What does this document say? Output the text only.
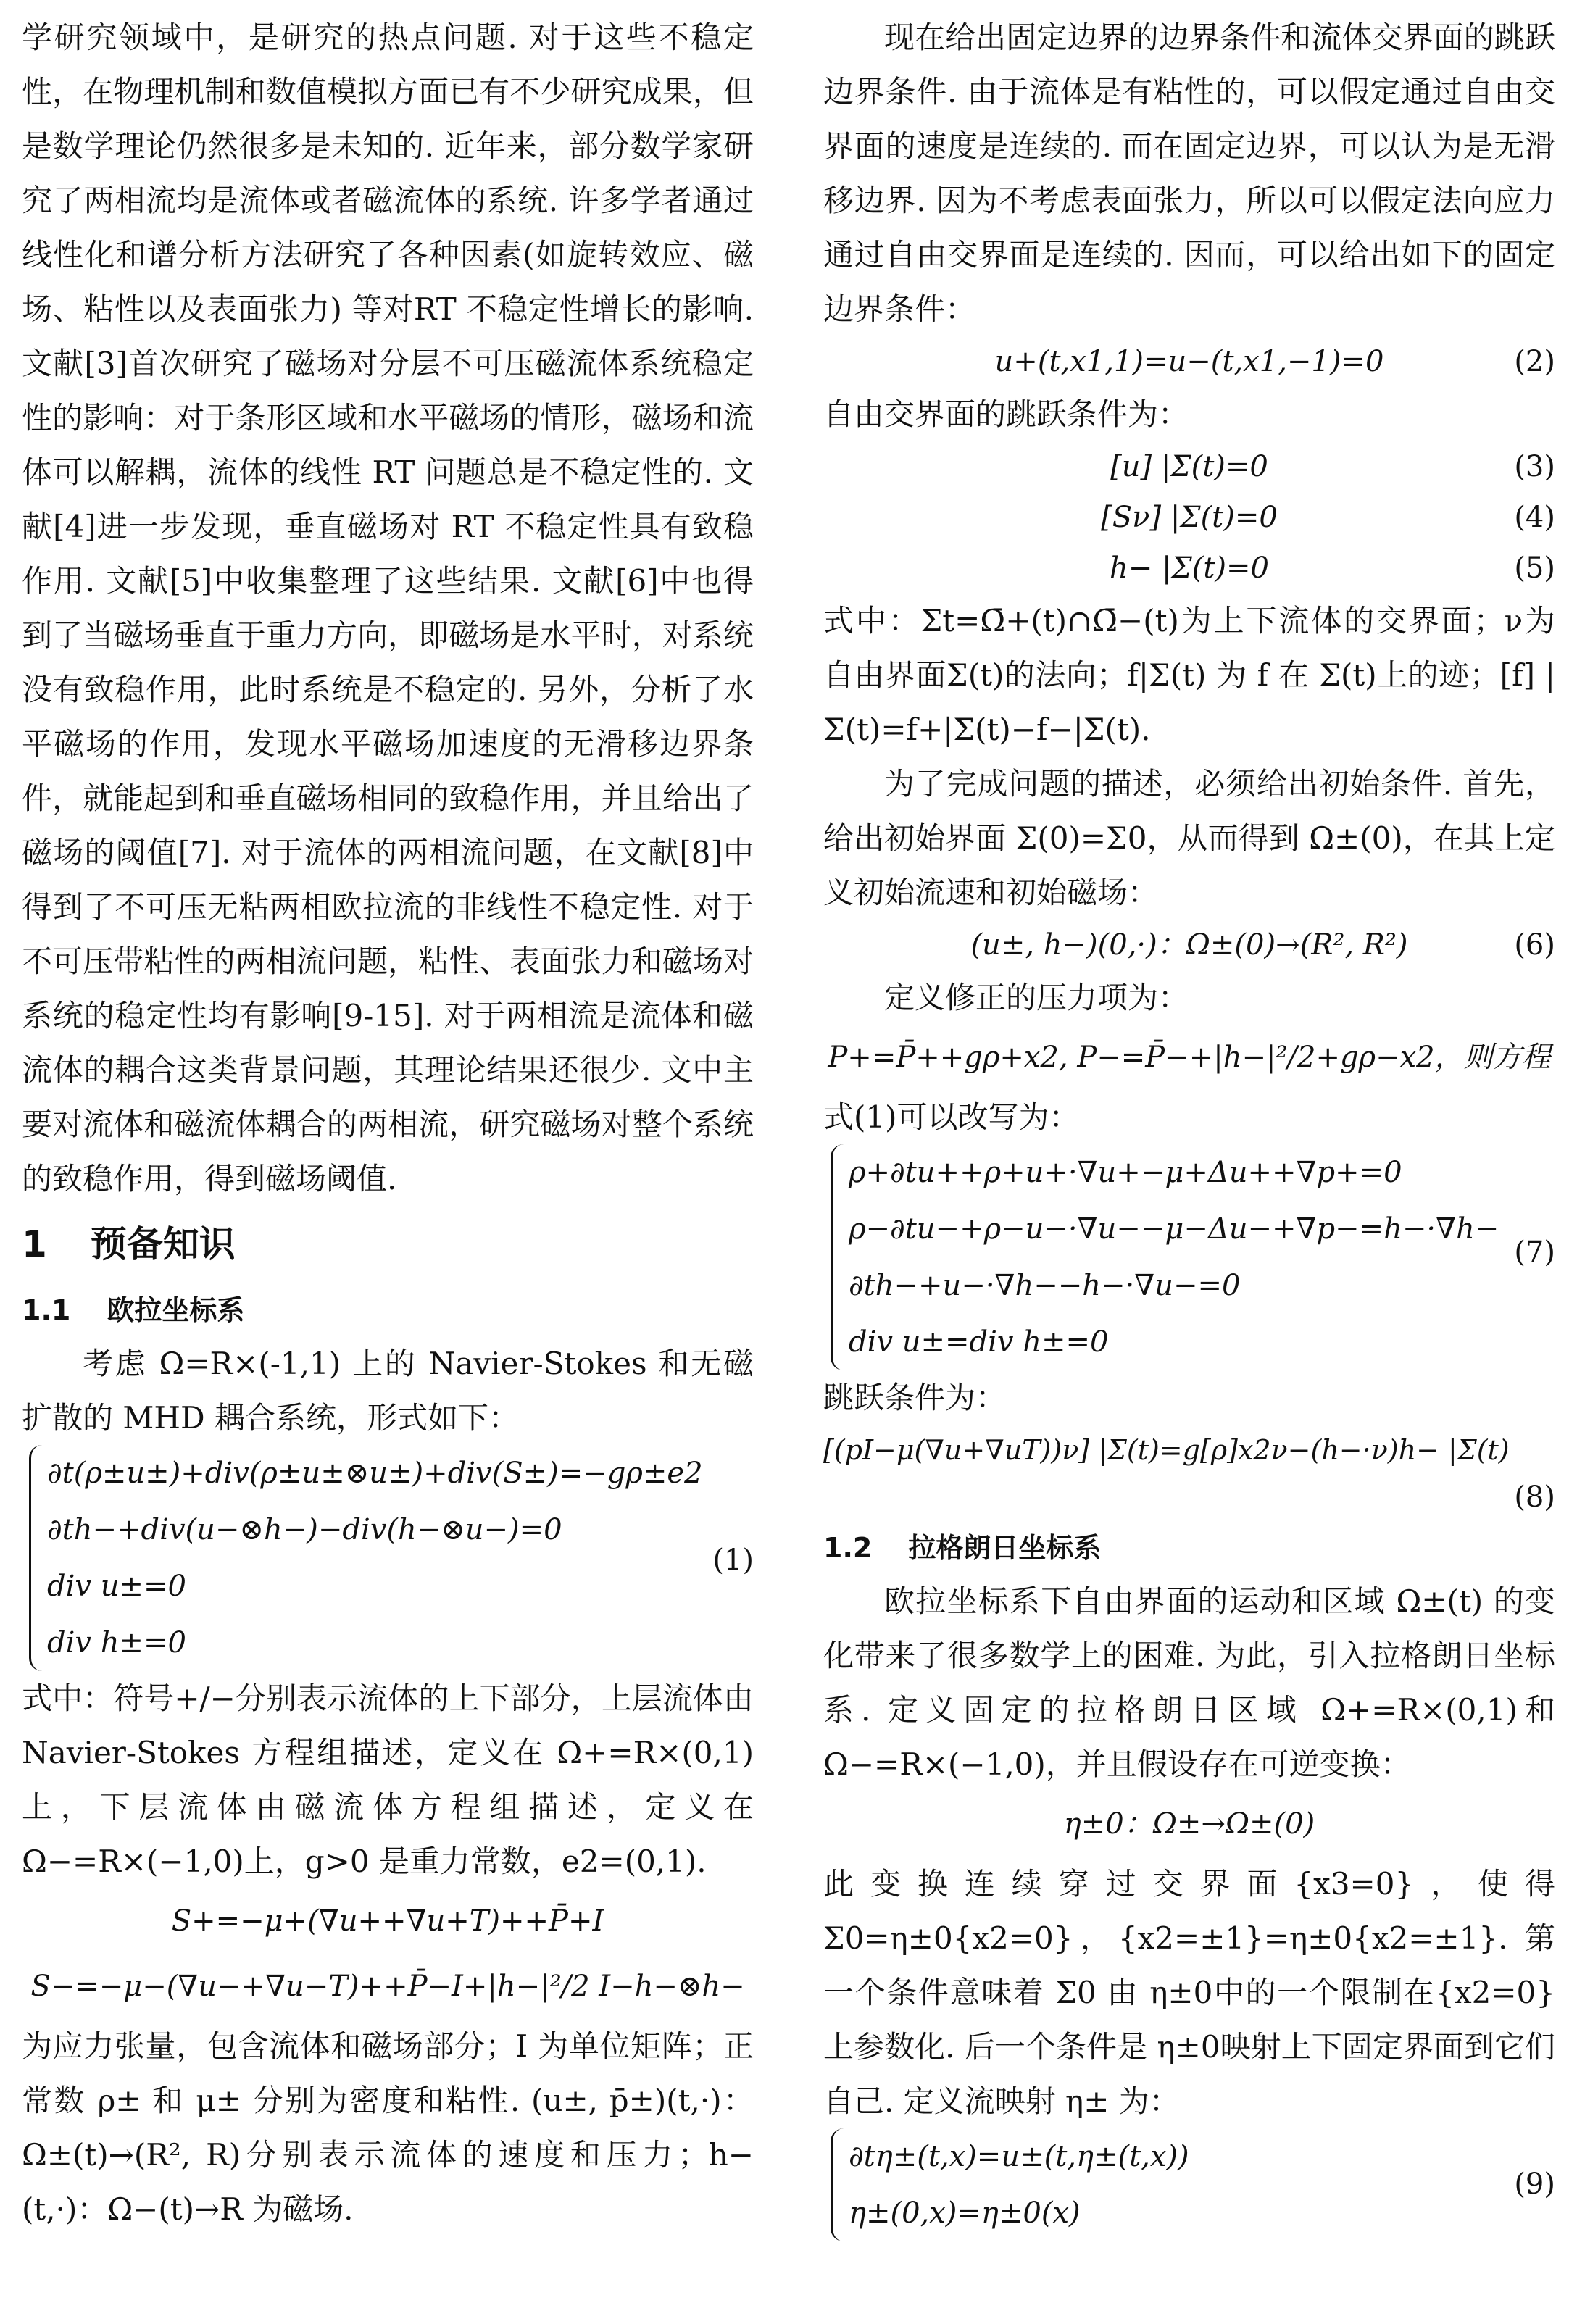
学研究领域中，是研究的热点问题. 对于这些不稳定性，在物理机制和数值模拟方面已有不少研究成果，但是数学理论仍然很多是未知的. 近年来，部分数学家研究了两相流均是流体或者磁流体的系统. 许多学者通过线性化和谱分析方法研究了各种因素(如旋转效应、磁场、粘性以及表面张力) 等对RT 不稳定性增长的影响. 文献[3]首次研究了磁场对分层不可压磁流体系统稳定性的影响：对于条形区域和水平磁场的情形，磁场和流体可以解耦，流体的线性 RT 问题总是不稳定性的. 文献[4]进一步发现，垂直磁场对 RT 不稳定性具有致稳作用. 文献[5]中收集整理了这些结果. 文献[6]中也得到了当磁场垂直于重力方向，即磁场是水平时，对系统没有致稳作用，此时系统是不稳定的. 另外，分析了水平磁场的作用，发现水平磁场加速度的无滑移边界条件，就能起到和垂直磁场相同的致稳作用，并且给出了磁场的阈值[7]. 对于流体的两相流问题，在文献[8]中得到了不可压无粘两相欧拉流的非线性不稳定性. 对于不可压带粘性的两相流问题，粘性、表面张力和磁场对系统的稳定性均有影响[9-15]. 对于两相流是流体和磁流体的耦合这类背景问题，其理论结果还很少. 文中主要对流体和磁流体耦合的两相流，研究磁场对整个系统的致稳作用，得到磁场阈值.

1 预备知识
1.1 欧拉坐标系

考虑 Ω=R×(-1,1) 上的 Navier-Stokes 和无磁扩散的 MHD 耦合系统，形式如下：

∂t(ρ±u±)+div(ρ±u±⊗u±)+div(S±)=−gρ±e2
∂th−+div(u−⊗h−)−div(h−⊗u−)=0
div u±=0
div h±=0
(1)

式中：符号+/−分别表示流体的上下部分，上层流体由 Navier-Stokes 方程组描述，定义在 Ω+=R×(0,1)上，下层流体由磁流体方程组描述，定义在 Ω−=R×(−1,0)上，g>0 是重力常数，e2=(0,1).

S+=−μ+(∇u++∇u+T)++P̄+I
S−=−μ−(∇u−+∇u−T)++P̄−I+|h−|²/2 I−h−⊗h−

为应力张量，包含流体和磁场部分；I 为单位矩阵；正常数 ρ± 和 μ± 分别为密度和粘性. (u±, p̄±)(t,·)：Ω±(t)→(R², R)分别表示流体的速度和压力；h−(t,·)：Ω−(t)→R 为磁场.

现在给出固定边界的边界条件和流体交界面的跳跃边界条件. 由于流体是有粘性的，可以假定通过自由交界面的速度是连续的. 而在固定边界，可以认为是无滑移边界. 因为不考虑表面张力，所以可以假定法向应力通过自由交界面是连续的. 因而，可以给出如下的固定边界条件：

u+(t,x1,1)=u−(t,x1,−1)=0	(2)

自由交界面的跳跃条件为：

[u] |Σ(t)=0	(3)
[Sν] |Σ(t)=0	(4)
h− |Σ(t)=0	(5)

式中：Σt=Ω̄+(t)∩Ω̄−(t)为上下流体的交界面；ν为自由界面Σ(t)的法向；f|Σ(t) 为 f 在 Σ(t)上的迹；[f] |Σ(t)=f+|Σ(t)−f−|Σ(t).

为了完成问题的描述，必须给出初始条件. 首先，给出初始界面 Σ(0)=Σ0，从而得到 Ω±(0)，在其上定义初始流速和初始磁场：

(u±, h−)(0,·)：Ω±(0)→(R², R²)	(6)

定义修正的压力项为：

P+=P̄++gρ+x2, P−=P̄−+|h−|²/2+gρ−x2，则方程

式(1)可以改写为：

ρ+∂tu++ρ+u+·∇u+−μ+Δu++∇p+=0
ρ−∂tu−+ρ−u−·∇u−−μ−Δu−+∇p−=h−·∇h−
∂th−+u−·∇h−−h−·∇u−=0
div u±=div h±=0
(7)

跳跃条件为：

[(pI−μ(∇u+∇uT))ν] |Σ(t)=g[ρ]x2ν−(h−·ν)h− |Σ(t)
(8)
1.2 拉格朗日坐标系

欧拉坐标系下自由界面的运动和区域 Ω±(t) 的变化带来了很多数学上的困难. 为此，引入拉格朗日坐标系. 定义固定的拉格朗日区域 Ω+=R×(0,1)和 Ω−=R×(−1,0)，并且假设存在可逆变换：

η±0：Ω±→Ω±(0)

此变换连续穿过交界面{x3=0}，使得 Σ0=η±0{x2=0}，{x2=±1}=η±0{x2=±1}. 第一个条件意味着 Σ0 由 η±0中的一个限制在{x2=0}上参数化. 后一个条件是 η±0映射上下固定界面到它们自己. 定义流映射 η± 为：

∂tη±(t,x)=u±(t,η±(t,x))
η±(0,x)=η±0(x)
(9)
